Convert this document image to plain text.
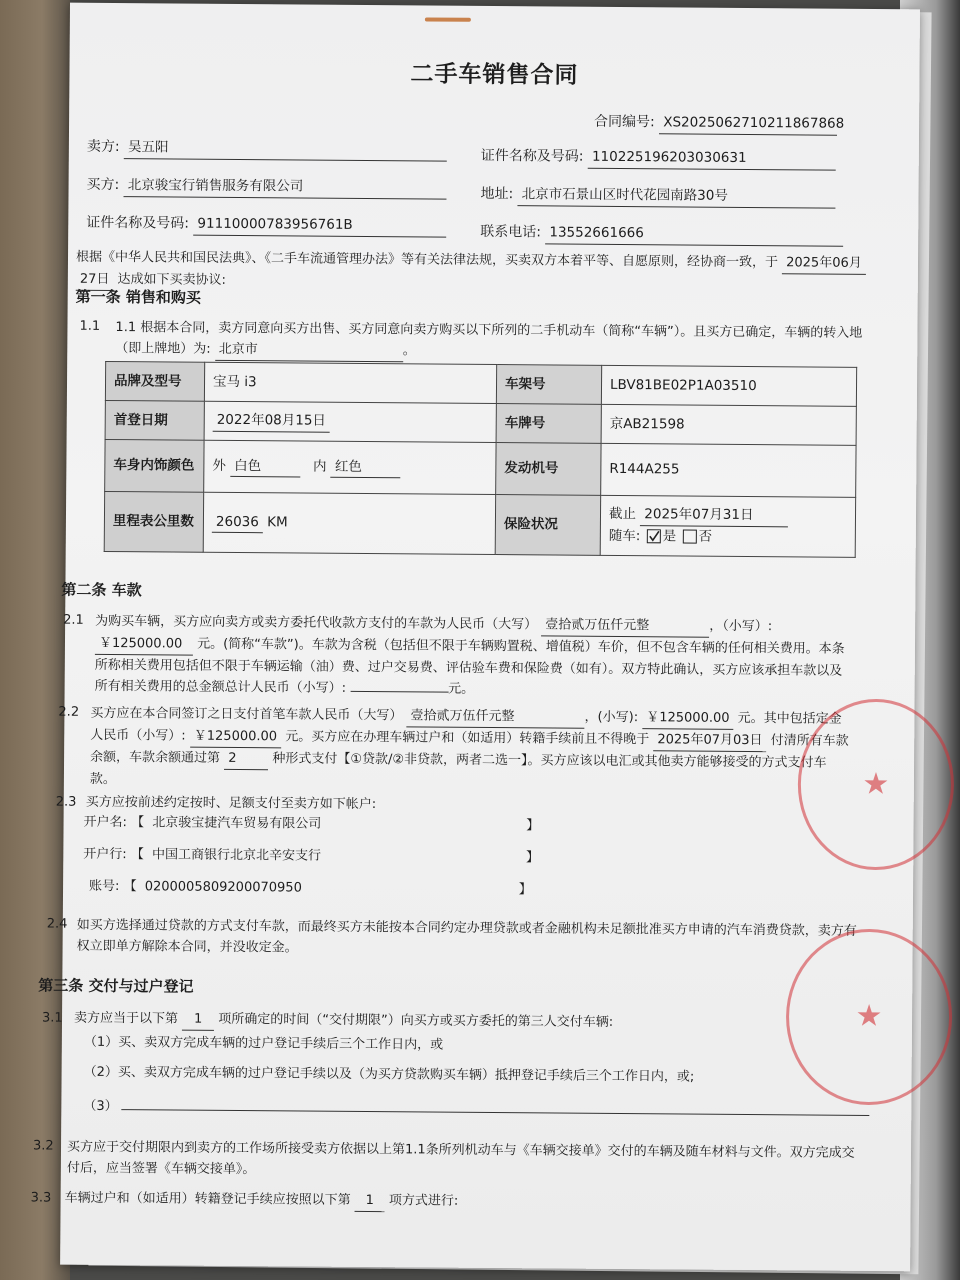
二手车销售合同
合同编号: XS2025062710211867868
卖方: 吴五阳
证件名称及号码: 110225196203030631
买方: 北京骏宝行销售服务有限公司	地址: 北京市石景山区时代花园南路30号
证件名称及号码: 91110000783956761B	联系电话: 13552661666
根据《中华人民共和国民法典》、《二手车流通管理办法》等有关法律法规，买卖双方本着平等、自愿原则，经协商一致，于 2025年06月
27日 达成如下买卖协议:
第一条 销售和购买
1.1 1.1 根据本合同，卖方同意向买方出售、买方同意向卖方购买以下所列的二手机动车（简称“车辆”）。且买方已确定，车辆的转入地（即上牌地）为: 北京市	。
品牌及型号	宝马 i3	车架号	LBV81BE02P1A03510
首登日期	2022年08月15日	车牌号	京AB21598
车身内饰颜色	外 白色 内 红色	发动机号	R144A255
里程表公里数	26036 KM	保险状况	截止 2025年07月31日
随车: 是 否
第二条 车款
2.1 为购买车辆，买方应向卖方或卖方委托代收款方支付的车款为人民币（大写） 壹拾贰万伍仟元整	，（小写）:
￥125000.00 元。(简称“车款”)。车款为含税（包括但不限于车辆购置税、增值税）车价，但不包含车辆的任何相关费用。本条所称相关费用包括但不限于车辆运输（油）费、过户交易费、评估验车费和保险费（如有）。双方特此确认，买方应该承担车款以及所有相关费用的总金额总计人民币（小写）:	元。
2.2 买方应在本合同签订之日支付首笔车款人民币（大写） 壹拾贰万伍仟元整	，(小写): ￥125000.00 元。其中包括定金人民币（小写）: ￥125000.00 元。买方应在办理车辆过户和（如适用）转籍手续前且不得晚于 2025年07月03日 付清所有车款余额，车款余额通过第 2	种形式支付【①贷款/②非贷款，两者二选一】。买方应该以电汇或其他卖方能够接受的方式支付车款。
2.3 买方应按前述约定按时、足额支付至卖方如下帐户:
开户名: 【 北京骏宝捷汽车贸易有限公司	】
开户行: 【 中国工商银行北京北辛安支行	】
账号: 【 0200005809200070950	】
2.4 如买方选择通过贷款的方式支付车款，而最终买方未能按本合同约定办理贷款或者金融机构未足额批准买方申请的汽车消费贷款，卖方有权立即单方解除本合同，并没收定金。
第三条 交付与过户登记
3.1 卖方应当于以下第 1 项所确定的时间（“交付期限”）向买方或买方委托的第三人交付车辆:
（1）买、卖双方完成车辆的过户登记手续后三个工作日内，或
（2）买、卖双方完成车辆的过户登记手续以及（为买方贷款购买车辆）抵押登记手续后三个工作日内，或;
（3）
3.2 买方应于交付期限内到卖方的工作场所接受卖方依据以上第1.1条所列机动车与《车辆交接单》交付的车辆及随车材料与文件。双方完成交付后，应当签署《车辆交接单》。
3.3 车辆过户和（如适用）转籍登记手续应按照以下第 1 项方式进行:
★
★
